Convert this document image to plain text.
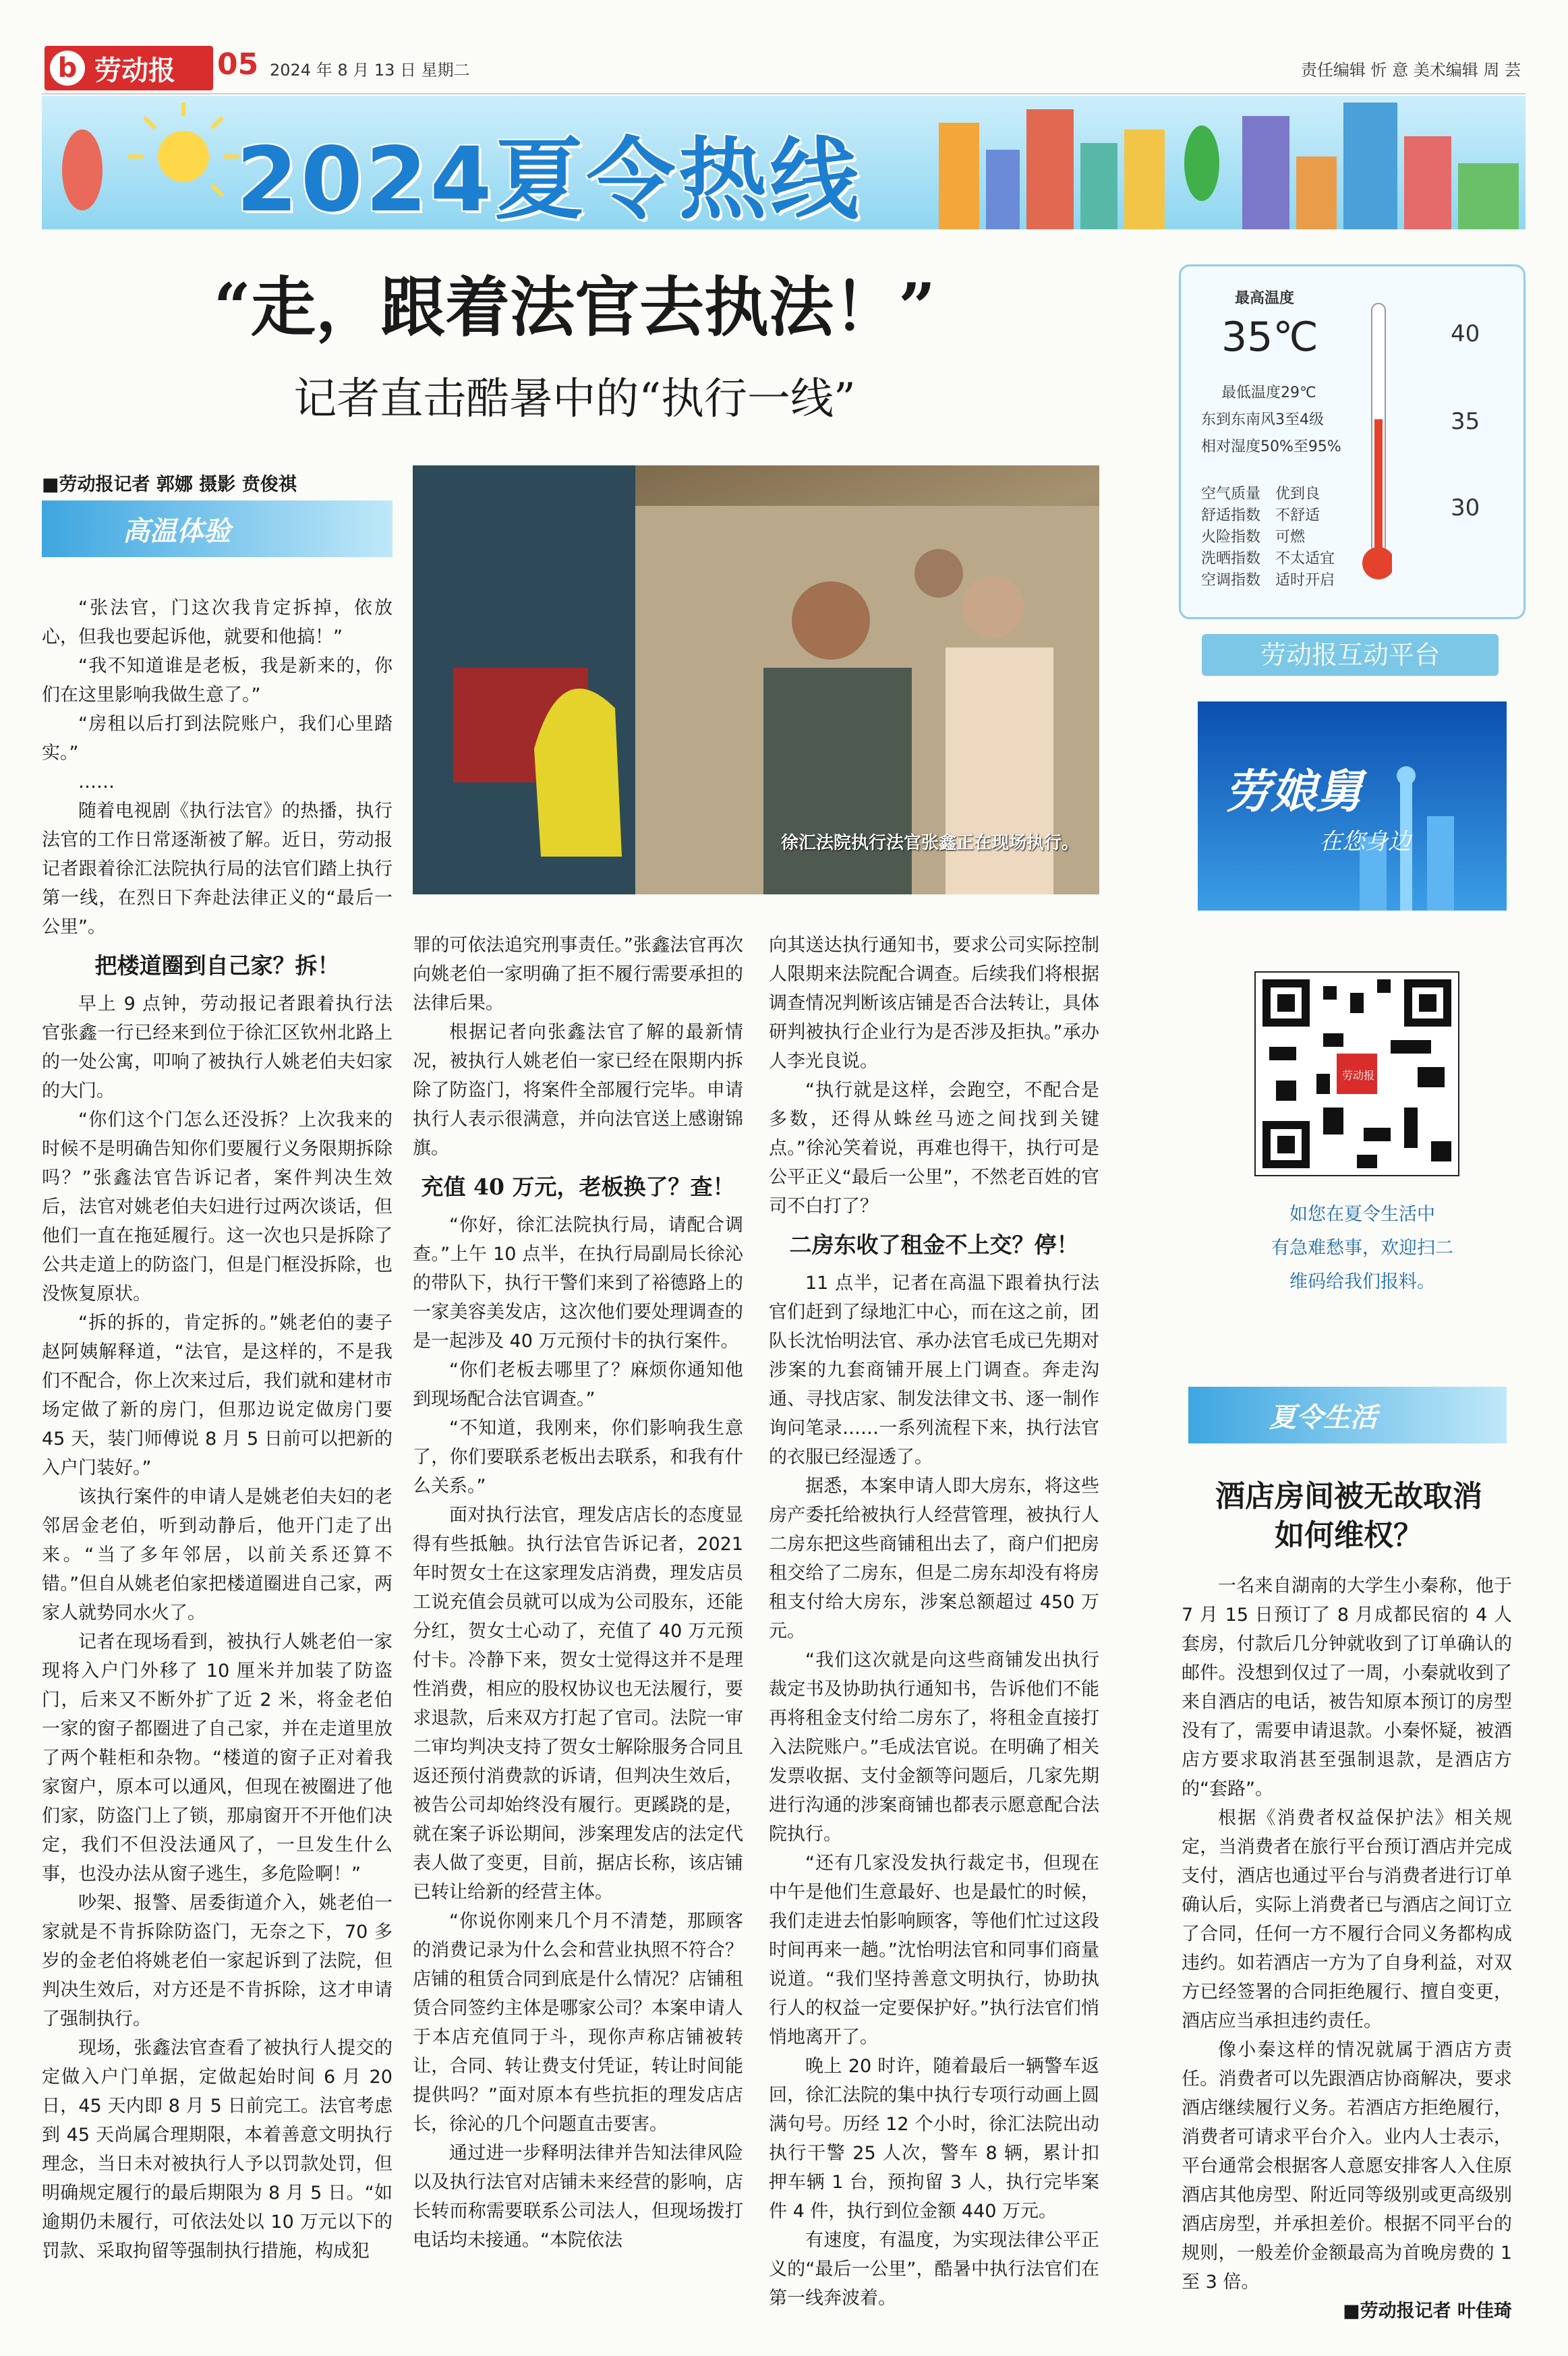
b 劳动报 05 2024 年 8 月 13 日 星期二	责任编辑 忻 意 美术编辑 周 芸
2024夏令热线
“走，跟着法官去执法！”
记者直击酷暑中的“执行一线”
■劳动报记者 郭娜 摄影 贲俊祺
高温体验
徐汇法院执行法官张鑫正在现场执行。

“张法官，门这次我肯定拆掉，依放心，但我也要起诉他，就要和他搞！”

“我不知道谁是老板，我是新来的，你们在这里影响我做生意了。”

“房租以后打到法院账户，我们心里踏实。”

……

随着电视剧《执行法官》的热播，执行法官的工作日常逐渐被了解。近日，劳动报记者跟着徐汇法院执行局的法官们踏上执行第一线，在烈日下奔赴法律正义的“最后一公里”。

把楼道圈到自己家？拆！

早上 9 点钟，劳动报记者跟着执行法官张鑫一行已经来到位于徐汇区钦州北路上的一处公寓，叩响了被执行人姚老伯夫妇家的大门。

“你们这个门怎么还没拆？上次我来的时候不是明确告知你们要履行义务限期拆除吗？”张鑫法官告诉记者，案件判决生效后，法官对姚老伯夫妇进行过两次谈话，但他们一直在拖延履行。这一次也只是拆除了公共走道上的防盗门，但是门框没拆除，也没恢复原状。

“拆的拆的，肯定拆的。”姚老伯的妻子赵阿姨解释道，“法官，是这样的，不是我们不配合，你上次来过后，我们就和建材市场定做了新的房门，但那边说定做房门要 45 天，装门师傅说 8 月 5 日前可以把新的入户门装好。”

该执行案件的申请人是姚老伯夫妇的老邻居金老伯，听到动静后，他开门走了出来。“当了多年邻居，以前关系还算不错。”但自从姚老伯家把楼道圈进自己家，两家人就势同水火了。

记者在现场看到，被执行人姚老伯一家现将入户门外移了 10 厘米并加装了防盗门，后来又不断外扩了近 2 米，将金老伯一家的窗子都圈进了自己家，并在走道里放了两个鞋柜和杂物。“楼道的窗子正对着我家窗户，原本可以通风，但现在被圈进了他们家，防盗门上了锁，那扇窗开不开他们决定，我们不但没法通风了，一旦发生什么事，也没办法从窗子逃生，多危险啊！”

吵架、报警、居委街道介入，姚老伯一家就是不肯拆除防盗门，无奈之下，70 多岁的金老伯将姚老伯一家起诉到了法院，但判决生效后，对方还是不肯拆除，这才申请了强制执行。

现场，张鑫法官查看了被执行人提交的定做入户门单据，定做起始时间 6 月 20 日，45 天内即 8 月 5 日前完工。法官考虑到 45 天尚属合理期限，本着善意文明执行理念，当日未对被执行人予以罚款处罚，但明确规定履行的最后期限为 8 月 5 日。“如逾期仍未履行，可依法处以 10 万元以下的罚款、采取拘留等强制执行措施，构成犯

罪的可依法追究刑事责任。”张鑫法官再次向姚老伯一家明确了拒不履行需要承担的法律后果。

根据记者向张鑫法官了解的最新情况，被执行人姚老伯一家已经在限期内拆除了防盗门，将案件全部履行完毕。申请执行人表示很满意，并向法官送上感谢锦旗。

充值 40 万元，老板换了？查！

“你好，徐汇法院执行局，请配合调查。”上午 10 点半，在执行局副局长徐沁的带队下，执行干警们来到了裕德路上的一家美容美发店，这次他们要处理调查的是一起涉及 40 万元预付卡的执行案件。

“你们老板去哪里了？麻烦你通知他到现场配合法官调查。”

“不知道，我刚来，你们影响我生意了，你们要联系老板出去联系，和我有什么关系。”

面对执行法官，理发店店长的态度显得有些抵触。执行法官告诉记者，2021 年时贺女士在这家理发店消费，理发店员工说充值会员就可以成为公司股东，还能分红，贺女士心动了，充值了 40 万元预付卡。冷静下来，贺女士觉得这并不是理性消费，相应的股权协议也无法履行，要求退款，后来双方打起了官司。法院一审二审均判决支持了贺女士解除服务合同且返还预付消费款的诉请，但判决生效后，被告公司却始终没有履行。更蹊跷的是，就在案子诉讼期间，涉案理发店的法定代表人做了变更，目前，据店长称，该店铺已转让给新的经营主体。

“你说你刚来几个月不清楚，那顾客的消费记录为什么会和营业执照不符合？店铺的租赁合同到底是什么情况？店铺租赁合同签约主体是哪家公司？本案申请人于本店充值同于斗，现你声称店铺被转让，合同、转让费支付凭证，转让时间能提供吗？”面对原本有些抗拒的理发店店长，徐沁的几个问题直击要害。

通过进一步释明法律并告知法律风险以及执行法官对店铺未来经营的影响，店长转而称需要联系公司法人，但现场拨打电话均未接通。“本院依法

向其送达执行通知书，要求公司实际控制人限期来法院配合调查。后续我们将根据调查情况判断该店铺是否合法转让，具体研判被执行企业行为是否涉及拒执。”承办人李光良说。

“执行就是这样，会跑空，不配合是多数，还得从蛛丝马迹之间找到关键点。”徐沁笑着说，再难也得干，执行可是公平正义“最后一公里”，不然老百姓的官司不白打了？

二房东收了租金不上交？停！

11 点半，记者在高温下跟着执行法官们赶到了绿地汇中心，而在这之前，团队长沈怡明法官、承办法官毛成已先期对涉案的九套商铺开展上门调查。奔走沟通、寻找店家、制发法律文书、逐一制作询问笔录……一系列流程下来，执行法官的衣服已经湿透了。

据悉，本案申请人即大房东，将这些房产委托给被执行人经营管理，被执行人二房东把这些商铺租出去了，商户们把房租交给了二房东，但是二房东却没有将房租支付给大房东，涉案总额超过 450 万元。

“我们这次就是向这些商铺发出执行裁定书及协助执行通知书，告诉他们不能再将租金支付给二房东了，将租金直接打入法院账户。”毛成法官说。在明确了相关发票收据、支付金额等问题后，几家先期进行沟通的涉案商铺也都表示愿意配合法院执行。

“还有几家没发执行裁定书，但现在中午是他们生意最好、也是最忙的时候，我们走进去怕影响顾客，等他们忙过这段时间再来一趟。”沈怡明法官和同事们商量说道。“我们坚持善意文明执行，协助执行人的权益一定要保护好。”执行法官们悄悄地离开了。

晚上 20 时许，随着最后一辆警车返回，徐汇法院的集中执行专项行动画上圆满句号。历经 12 个小时，徐汇法院出动执行干警 25 人次，警车 8 辆，累计扣押车辆 1 台，预拘留 3 人，执行完毕案件 4 件，执行到位金额 440 万元。

有速度，有温度，为实现法律公平正义的“最后一公里”，酷暑中执行法官们在第一线奔波着。

最高温度
35℃
最低温度29℃
东到东南风3至4级
相对湿度50%至95%
空气质量 优到良
舒适指数 不舒适
火险指数 可燃
洗晒指数 不太适宜
空调指数 适时开启
40
35
30
劳动报互动平台
劳娘舅
在您身边
劳动报
如您在夏令生活中
有急难愁事，欢迎扫二
维码给我们报料。
夏令生活
酒店房间被无故取消
如何维权？

一名来自湖南的大学生小秦称，他于 7 月 15 日预订了 8 月成都民宿的 4 人套房，付款后几分钟就收到了订单确认的邮件。没想到仅过了一周，小秦就收到了来自酒店的电话，被告知原本预订的房型没有了，需要申请退款。小秦怀疑，被酒店方要求取消甚至强制退款，是酒店方的“套路”。

根据《消费者权益保护法》相关规定，当消费者在旅行平台预订酒店并完成支付，酒店也通过平台与消费者进行订单确认后，实际上消费者已与酒店之间订立了合同，任何一方不履行合同义务都构成违约。如若酒店一方为了自身利益，对双方已经签署的合同拒绝履行、擅自变更，酒店应当承担违约责任。

像小秦这样的情况就属于酒店方责任。消费者可以先跟酒店协商解决，要求酒店继续履行义务。若酒店方拒绝履行，消费者可请求平台介入。业内人士表示，平台通常会根据客人意愿安排客人入住原酒店其他房型、附近同等级别或更高级别酒店房型，并承担差价。根据不同平台的规则，一般差价金额最高为首晚房费的 1 至 3 倍。

■劳动报记者 叶佳琦
